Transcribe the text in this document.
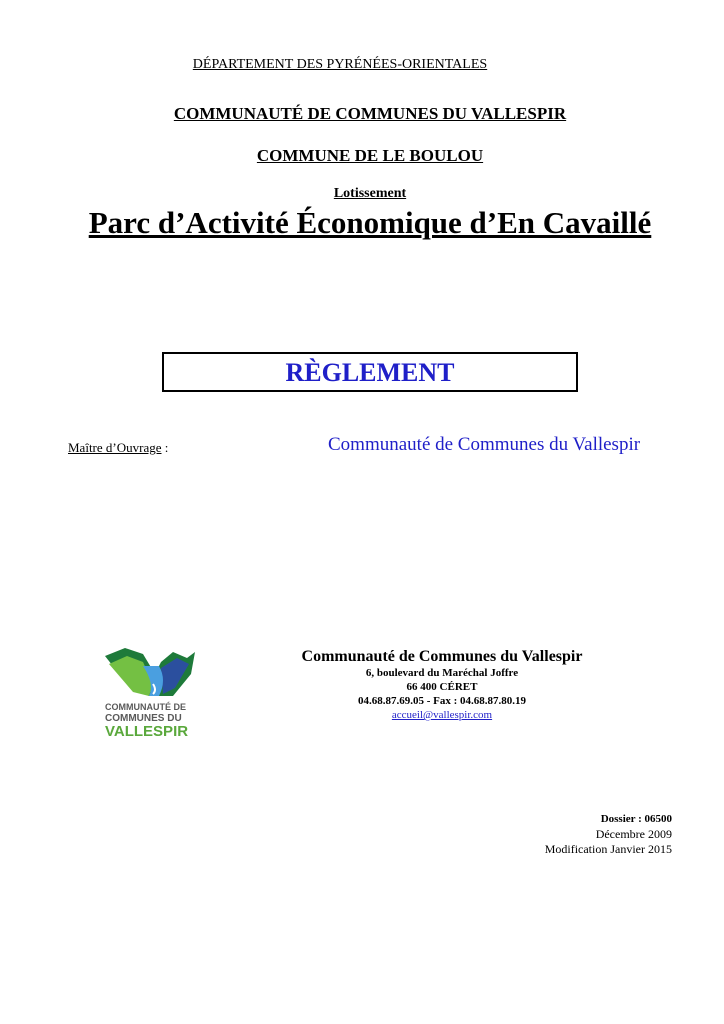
DÉPARTEMENT DES PYRÉNÉES-ORIENTALES
COMMUNAUTÉ DE COMMUNES DU VALLESPIR
COMMUNE DE LE BOULOU
Lotissement
Parc d’Activité Économique d’En Cavaillé
RÈGLEMENT
Maître d’Ouvrage :	Communauté de Communes du Vallespir
COMMUNAUTÉ DE
COMMUNES DU
VALLESPIR
Communauté de Communes du Vallespir
6, boulevard du Maréchal Joffre
66 400 CÉRET
04.68.87.69.05 - Fax : 04.68.87.80.19
accueil@vallespir.com
Dossier : 06500
Décembre 2009
Modification Janvier 2015
